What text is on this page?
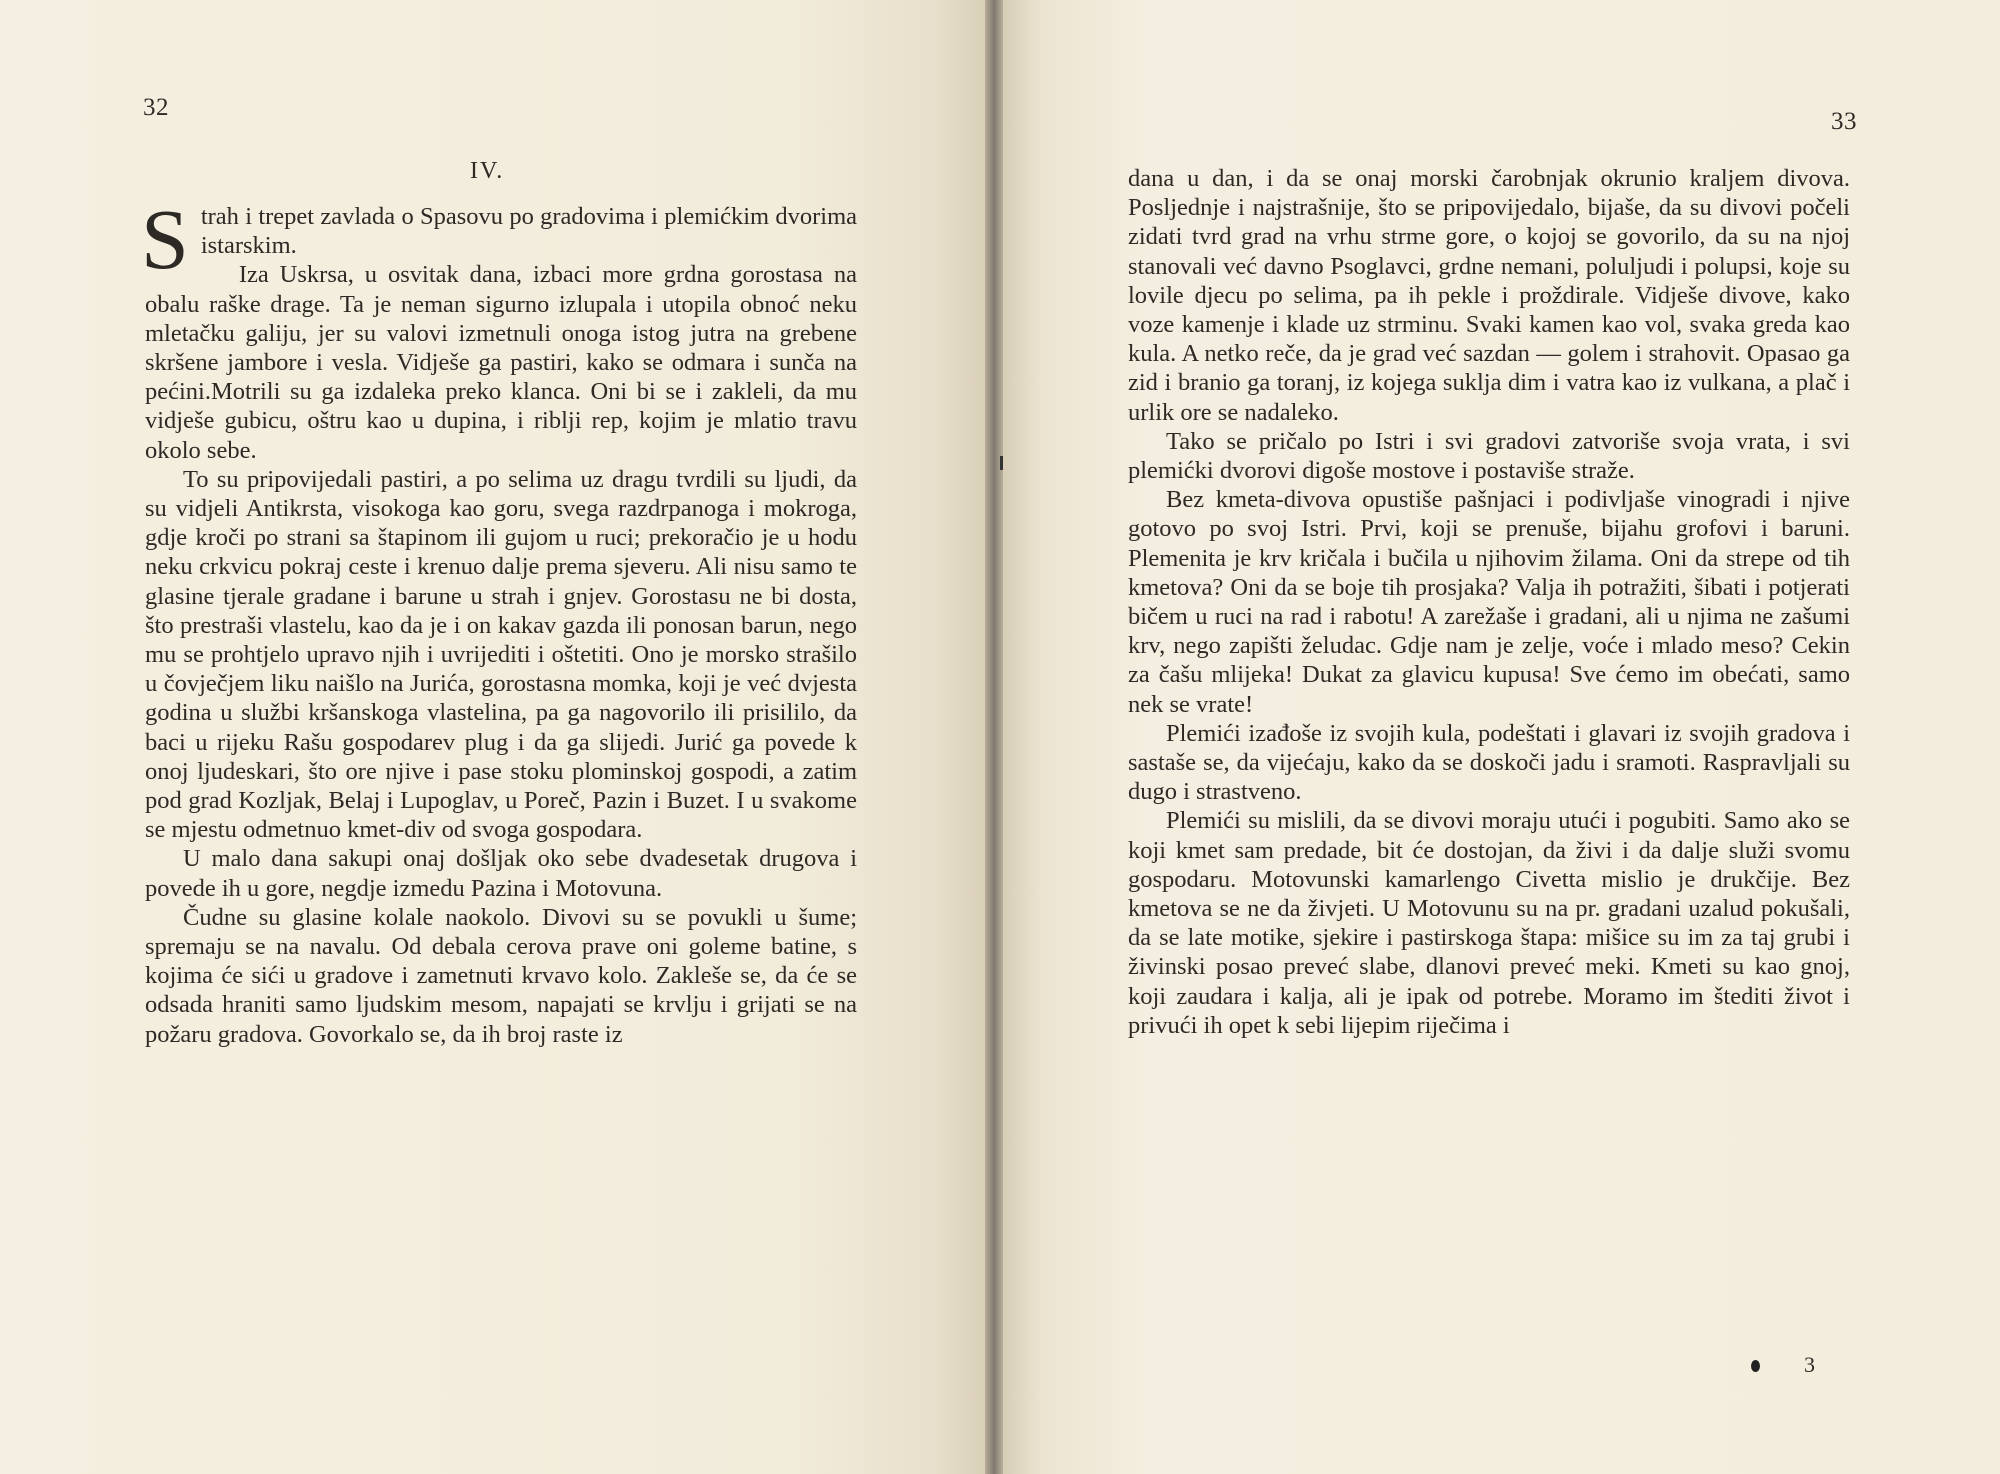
32
IV.

Strah i trepet zavlada o Spasovu po gradovima i plemićkim dvorima istarskim.

Iza Uskrsa, u osvitak dana, izbaci more grdna gorostasa na obalu raške drage. Ta je neman sigurno izlupala i utopila obnoć neku mletačku galiju, jer su valovi izmetnuli onoga istog jutra na grebene skršene jambore i vesla. Vidješe ga pastiri, kako se odmara i sunča na pećini.Motrili su ga izdaleka preko klanca. Oni bi se i zakleli, da mu vidješe gubicu, oštru kao u dupina, i riblji rep, kojim je mlatio travu okolo sebe.

To su pripovijedali pastiri, a po selima uz dragu tvrdili su ljudi, da su vidjeli Antikrsta, visokoga kao goru, svega razdrpanoga i mokroga, gdje kroči po strani sa štapinom ili gujom u ruci; prekoračio je u hodu neku crkvicu pokraj ceste i krenuo dalje prema sjeveru. Ali nisu samo te glasine tjerale gradane i barune u strah i gnjev. Gorostasu ne bi dosta, što prestraši vlastelu, kao da je i on kakav gazda ili ponosan barun, nego mu se prohtjelo upravo njih i uvrijediti i oštetiti. Ono je morsko strašilo u čovječjem liku naišlo na Jurića, gorostasna momka, koji je već dvjesta godina u službi kršanskoga vlastelina, pa ga nagovorilo ili prisililo, da baci u rijeku Rašu gospodarev plug i da ga slijedi. Jurić ga povede k onoj ljudeskari, što ore njive i pase stoku plominskoj gospodi, a zatim pod grad Kozljak, Belaj i Lupoglav, u Poreč, Pazin i Buzet. I u svakome se mjestu odmetnuo kmet-div od svoga gospodara.

U malo dana sakupi onaj došljak oko sebe dvadesetak drugova i povede ih u gore, negdje izmedu Pazina i Motovuna.

Čudne su glasine kolale naokolo. Divovi su se povukli u šume; spremaju se na navalu. Od debala cerova prave oni goleme batine, s kojima će sići u gradove i zametnuti krvavo kolo. Zakleše se, da će se odsada hraniti samo ljudskim mesom, napajati se krvlju i grijati se na požaru gradova. Govorkalo se, da ih broj raste iz

33

dana u dan, i da se onaj morski čarobnjak okrunio kraljem divova. Posljednje i najstrašnije, što se pripovijedalo, bijaše, da su divovi počeli zidati tvrd grad na vrhu strme gore, o kojoj se govorilo, da su na njoj stanovali već davno Psoglavci, grdne nemani, poluljudi i polupsi, koje su lovile djecu po selima, pa ih pekle i proždirale. Vidješe divove, kako voze kamenje i klade uz strminu. Svaki kamen kao vol, svaka greda kao kula. A netko reče, da je grad već sazdan — golem i strahovit. Opasao ga zid i branio ga toranj, iz kojega suklja dim i vatra kao iz vulkana, a plač i urlik ore se nadaleko.

Tako se pričalo po Istri i svi gradovi zatvoriše svoja vrata, i svi plemićki dvorovi digoše mostove i postaviše straže.

Bez kmeta-divova opustiše pašnjaci i podivljaše vinogradi i njive gotovo po svoj Istri. Prvi, koji se prenuše, bijahu grofovi i baruni. Plemenita je krv kričala i bučila u njihovim žilama. Oni da strepe od tih kmetova? Oni da se boje tih prosjaka? Valja ih potražiti, šibati i potjerati bičem u ruci na rad i rabotu! A zarežaše i gradani, ali u njima ne zašumi krv, nego zapišti želudac. Gdje nam je zelje, voće i mlado meso? Cekin za čašu mlijeka! Dukat za glavicu kupusa! Sve ćemo im obećati, samo nek se vrate!

Plemići izađoše iz svojih kula, podeštati i glavari iz svojih gradova i sastaše se, da vijećaju, kako da se doskoči jadu i sramoti. Raspravljali su dugo i strastveno.

Plemići su mislili, da se divovi moraju utući i pogubiti. Samo ako se koji kmet sam predade, bit će dostojan, da živi i da dalje služi svomu gospodaru. Motovunski kamarlengo Civetta mislio je drukčije. Bez kmetova se ne da živjeti. U Motovunu su na pr. gradani uzalud pokušali, da se late motike, sjekire i pastirskoga štapa: mišice su im za taj grubi i živinski posao preveć slabe, dlanovi preveć meki. Kmeti su kao gnoj, koji zaudara i kalja, ali je ipak od potrebe. Moramo im štediti život i privući ih opet k sebi lijepim riječima i

3
